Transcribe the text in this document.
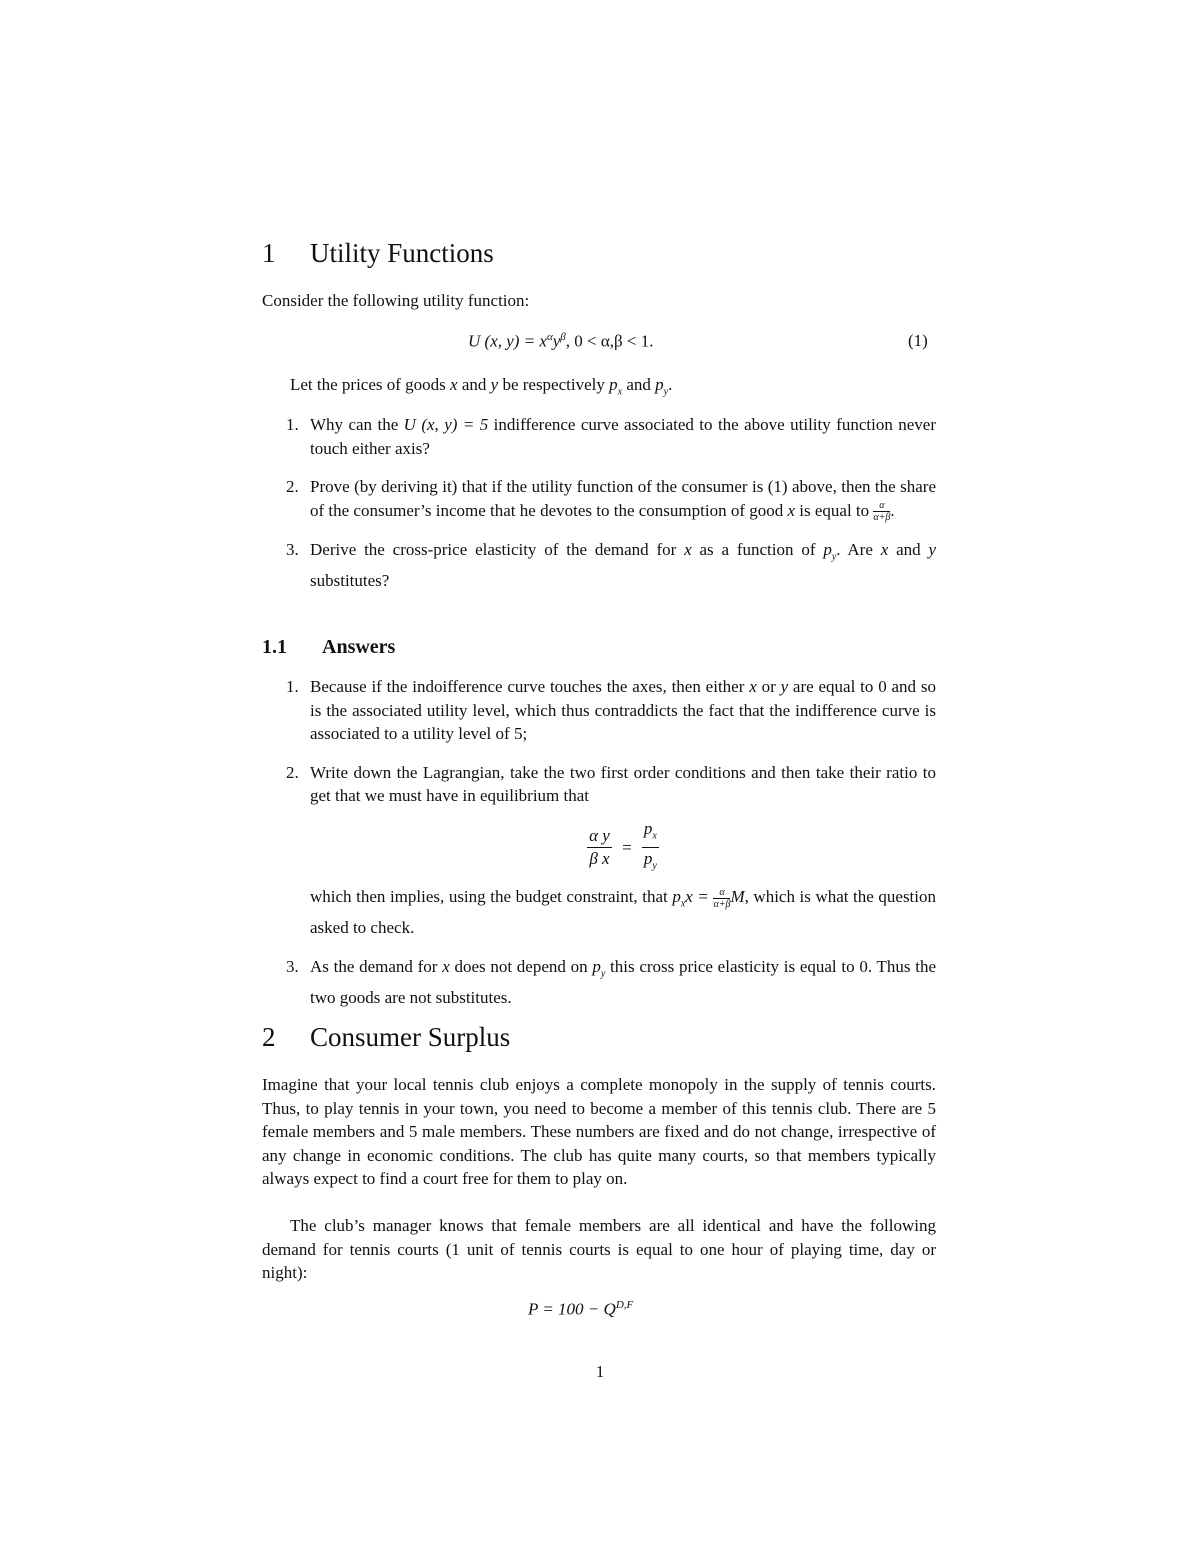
1 Utility Functions
Consider the following utility function:
U (x, $y) = x^\alpha y^\beta$, 0 < α,β < 1.	(1)
Let the prices of goods x and y be respectively $p_x$ and $p_y$.
1. Why can the U (x, y) = 5 indifference curve associated to the above utility function never touch either axis?
2. Prove (by deriving it) that if the utility function of the consumer is (1) above, then the share of the consumer’s income that he devotes to the consumption of good x is equal to $\frac{\alpha}{\alpha+\beta}$ .
3. Derive the cross-price elasticity of the demand for x as a function of $p_y$. Are x and y substitutes?
1.1 Answers
1. Because if the indoifference curve touches the axes, then either x or y are equal to 0 and so is the associated utility level, which thus contraddicts the fact that the indifference curve is associated to a utility level of 5;
2. Write down the Lagrangian, take the two first order conditions and then take their ratio to get that we must have in equilibrium that
$\frac{\text{α y}}{\text{β x}} = \frac{p_x}{p_y}$
which then implies, using the budget constraint, that $p_xx = \frac{\alpha}{\alpha+\beta} M$, which is what the question asked to check.
3. As the demand for x does not depend on $p_y$ this cross price elasticity is equal to 0. Thus the two goods are not substitutes.
2 Consumer Surplus
Imagine that your local tennis club enjoys a complete monopoly in the supply of tennis courts. Thus, to play tennis in your town, you need to become a member of this tennis club. There are 5 female members and 5 male members. These numbers are fixed and do not change, irrespective of any change in economic conditions. The club has quite many courts, so that members typically always expect to find a court free for them to play on.
The club’s manager knows that female members are all identical and have the following demand for tennis courts (1 unit of tennis courts is equal to one hour of playing time, day or night):
$P = 100 - Q^{D,F}$
1
